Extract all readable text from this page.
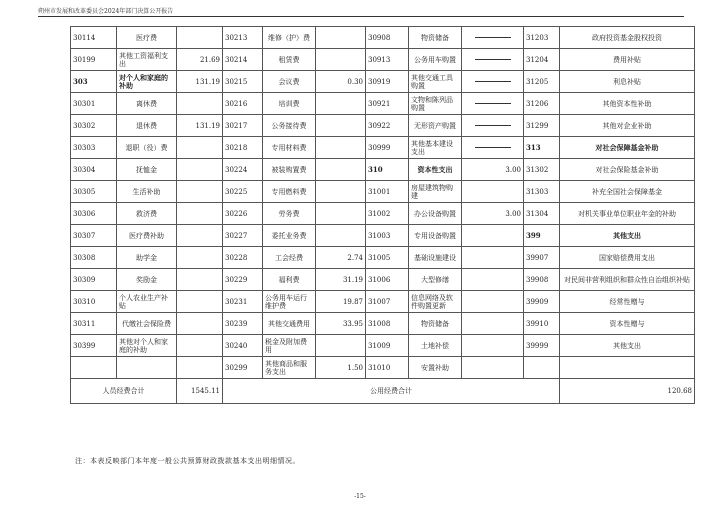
朔州市发展和改革委员会2024年部门决算公开报告
30114	医疗费		30213	维修（护）费		30908	物资储备		31203	政府投资基金股权投资
30199	其他工资福利支出	21.69	30214	租赁费		30913	公务用车购置		31204	费用补贴
303	对个人和家庭的补助	131.19	30215	会议费	0.30	30919	其他交通工具购置		31205	利息补贴
30301	离休费		30216	培训费		30921	文物和陈列品购置		31206	其他资本性补助
30302	退休费	131.19	30217	公务接待费		30922	无形资产购置		31299	其他对企业补助
30303	退职（役）费		30218	专用材料费		30999	其他基本建设支出		313	对社会保障基金补助
30304	抚恤金		30224	被装购置费		310	资本性支出	3.00	31302	对社会保险基金补助
30305	生活补助		30225	专用燃料费		31001	房屋建筑物购建		31303	补充全国社会保障基金
30306	救济费		30226	劳务费		31002	办公设备购置	3.00	31304	对机关事业单位职业年金的补助
30307	医疗费补助		30227	委托业务费		31003	专用设备购置		399	其他支出
30308	助学金		30228	工会经费	2.74	31005	基础设施建设		39907	国家赔偿费用支出
30309	奖励金		30229	福利费	31.19	31006	大型修缮		39908	对民间非营利组织和群众性自治组织补贴
30310	个人农业生产补贴		30231	公务用车运行维护费	19.87	31007	信息网络及软件购置更新		39909	经常性赠与
30311	代缴社会保险费		30239	其他交通费用	33.95	31008	物资储备		39910	资本性赠与
30399	其他对个人和家庭的补助		30240	税金及附加费用		31009	土地补偿		39999	其他支出
			30299	其他商品和服务支出	1.50	31010	安置补助			
人员经费合计		1545.11	公用经费合计							120.68
注：本表反映部门本年度一般公共预算财政拨款基本支出明细情况。
-15-
